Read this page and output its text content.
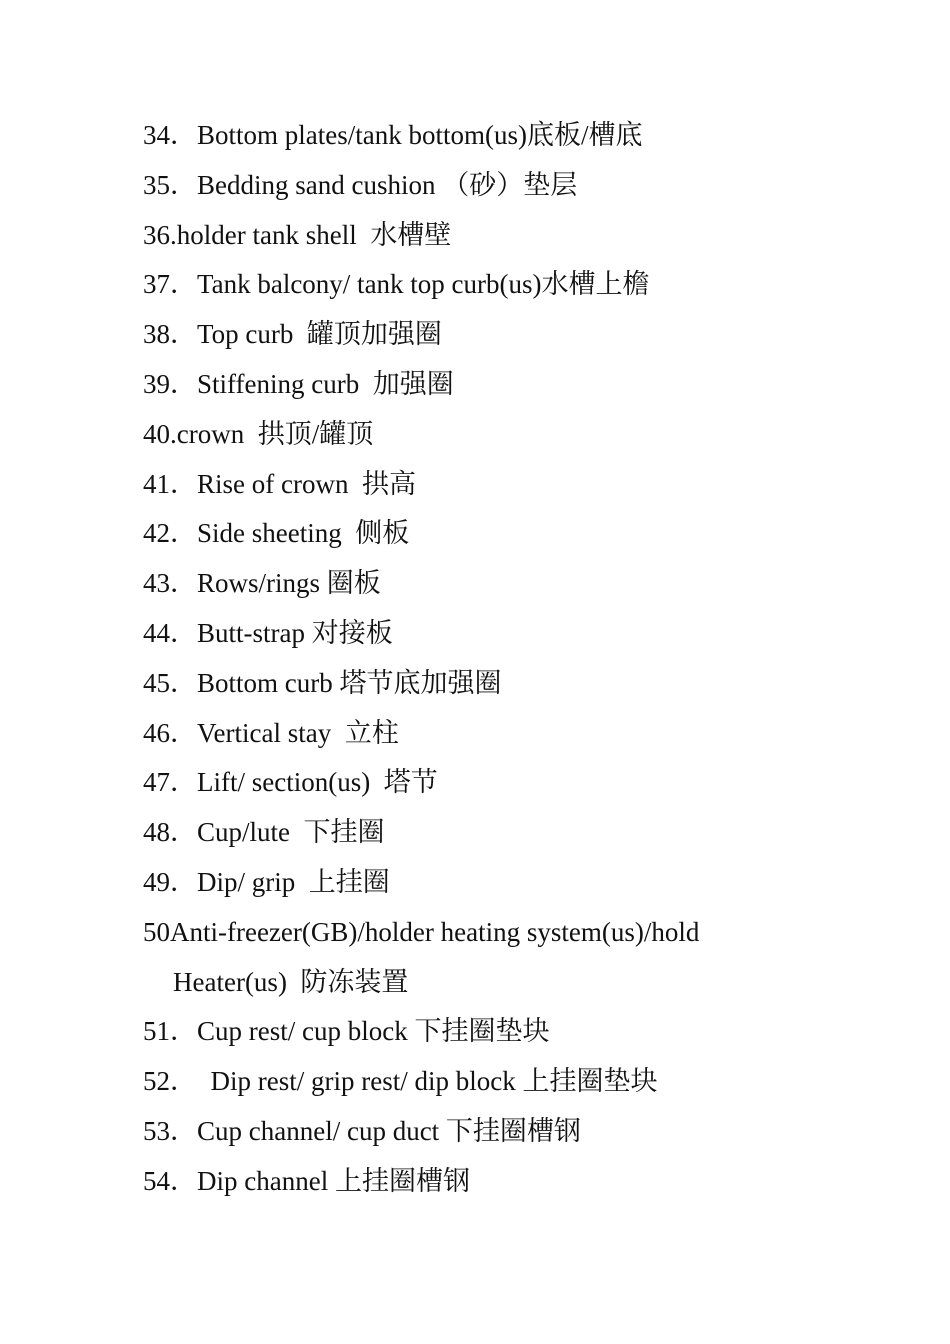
34．Bottom plates/tank bottom(us)底板/槽底
35．Bedding sand cushion （砂）垫层
36.holder tank shell  水槽壁
37．Tank balcony/ tank top curb(us)水槽上檐
38．Top curb  罐顶加强圈
39．Stiffening curb  加强圈
40.crown  拱顶/罐顶
41．Rise of crown  拱高
42．Side sheeting  侧板
43．Rows/rings 圈板
44．Butt-strap 对接板
45．Bottom curb 塔节底加强圈
46．Vertical stay  立柱
47．Lift/ section(us)  塔节
48．Cup/lute  下挂圈
49．Dip/ grip  上挂圈
50Anti-freezer(GB)/holder heating system(us)/hold
Heater(us)  防冻装置
51．Cup rest/ cup block 下挂圈垫块
52．  Dip rest/ grip rest/ dip block 上挂圈垫块
53．Cup channel/ cup duct 下挂圈槽钢
54．Dip channel 上挂圈槽钢
